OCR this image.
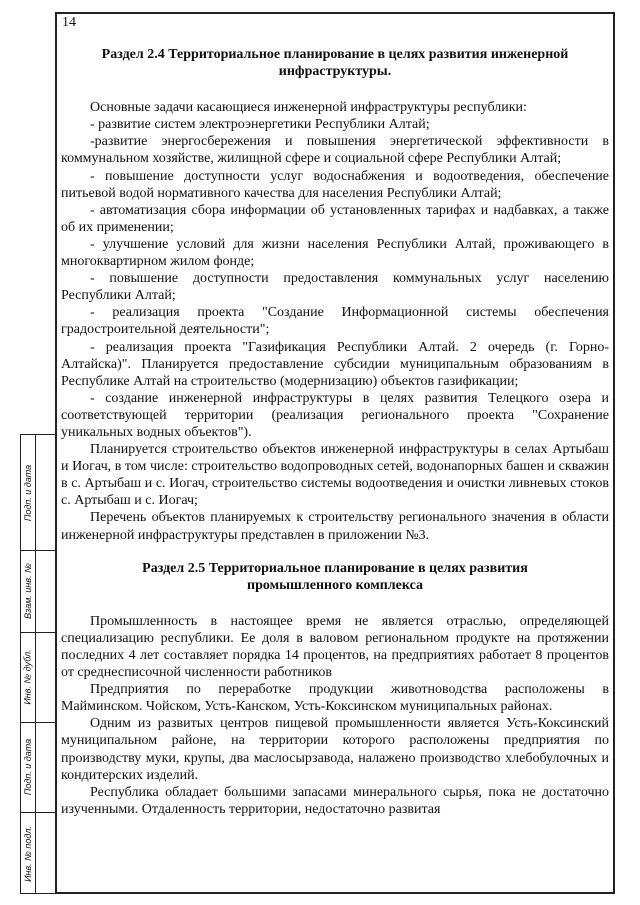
14

Раздел 2.4 Территориальное планирование в целях развития инженерной инфраструктуры.

Основные задачи касающиеся инженерной инфраструктуры республики:

- развитие систем электроэнергетики Республики Алтай;

-развитие энергосбережения и повышения энергетической эффективности в коммунальном хозяйстве, жилищной сфере и социальной сфере Республики Алтай;

- повышение доступности услуг водоснабжения и водоотведения, обеспечение питьевой водой нормативного качества для населения Республики Алтай;

- автоматизация сбора информации об установленных тарифах и надбавках, а также об их применении;

- улучшение условий для жизни населения Республики Алтай, проживающего в многоквартирном жилом фонде;

- повышение доступности предоставления коммунальных услуг населению Республики Алтай;

- реализация проекта "Создание Информационной системы обеспечения градостроительной деятельности";

- реализация проекта "Газификация Республики Алтай. 2 очередь (г. Горно-Алтайска)". Планируется предоставление субсидии муниципальным образованиям в Республике Алтай на строительство (модернизацию) объектов газификации;

- создание инженерной инфраструктуры в целях развития Телецкого озера и соответствующей территории (реализация регионального проекта "Сохранение уникальных водных объектов").

Планируется строительство объектов инженерной инфраструктуры в селах Артыбаш и Иогач, в том числе: строительство водопроводных сетей, водонапорных башен и скважин в с. Артыбаш и с. Иогач, строительство системы водоотведения и очистки ливневых стоков с. Артыбаш и с. Иогач;

Перечень объектов планируемых к строительству регионального значения в области инженерной инфраструктуры представлен в приложении №3.

Раздел 2.5 Территориальное планирование в целях развития промышленного комплекса

Промышленность в настоящее время не является отраслью, определяющей специализацию республики. Ее доля в валовом региональном продукте на протяжении последних 4 лет составляет порядка 14 процентов, на предприятиях работает 8 процентов от среднесписочной численности работников

Предприятия по переработке продукции животноводства расположены в Майминском. Чойском, Усть-Канском, Усть-Коксинском муниципальных районах.

Одним из развитых центров пищевой промышленности является Усть-Коксинский муниципальном районе, на территории которого расположены предприятия по производству муки, крупы, два маслосырзавода, налажено производство хлебобулочных и кондитерских изделий.

Республика обладает большими запасами минерального сырья, пока не достаточно изученными. Отдаленность территории, недостаточно развитая

Подп. и дата
Взам. инв. №
Инв. № дубл.
Подп. и дата
Инв. № подл.
